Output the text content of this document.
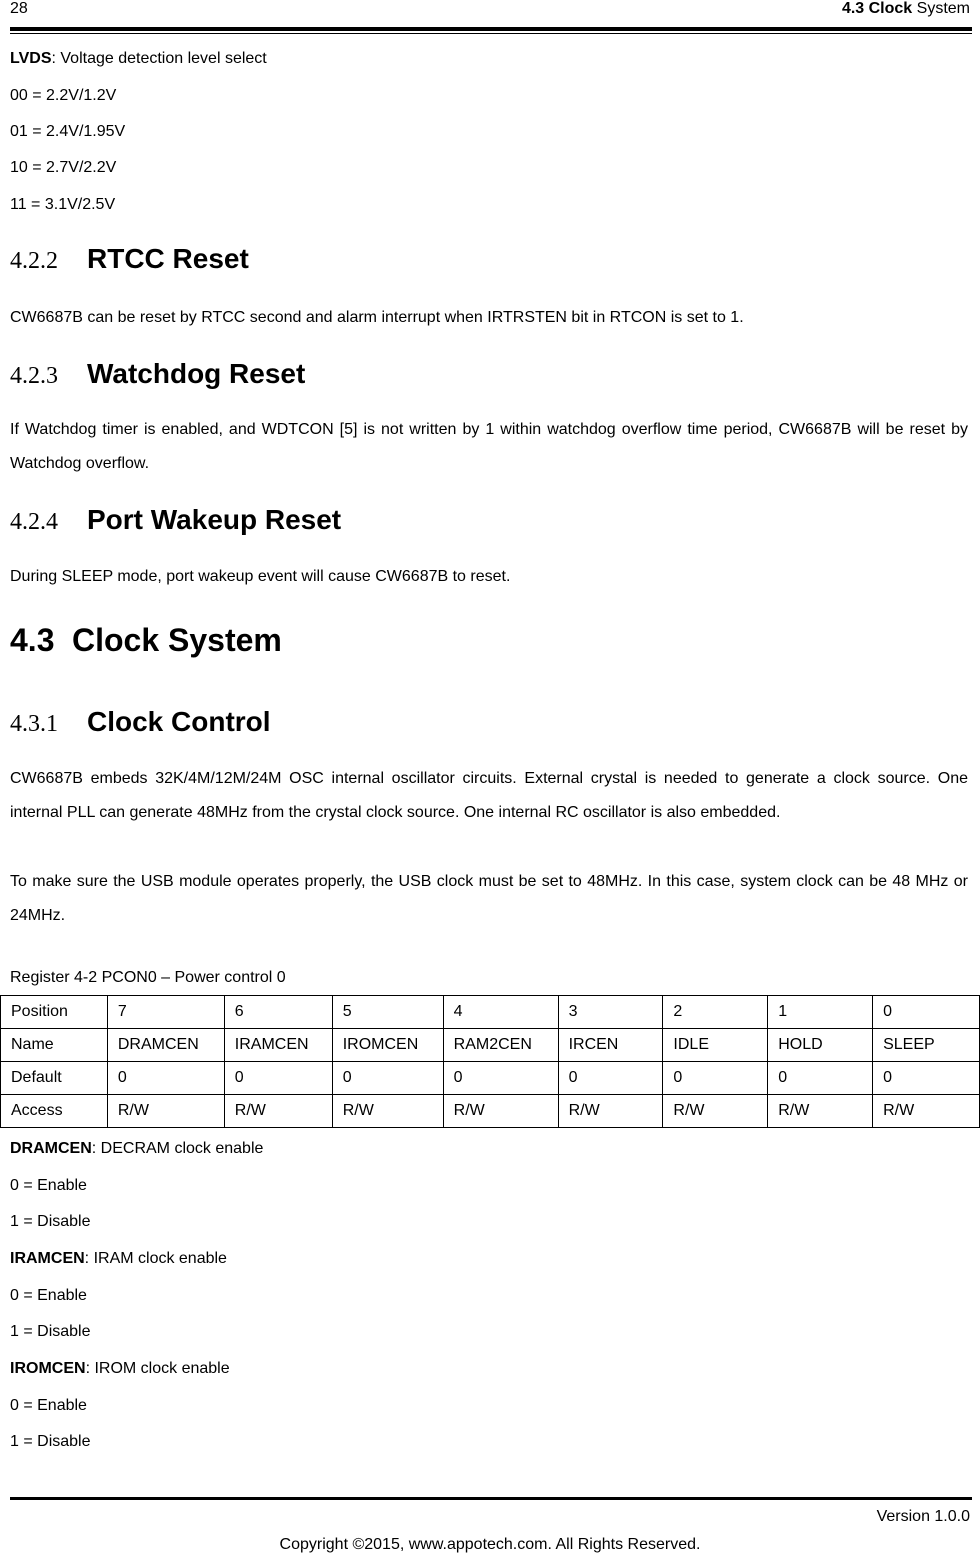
28	4.3 Clock System
LVDS: Voltage detection level select
00 = 2.2V/1.2V
01 = 2.4V/1.95V
10 = 2.7V/2.2V
11 = 3.1V/2.5V
4.2.2 RTCC Reset
CW6687B can be reset by RTCC second and alarm interrupt when IRTRSTEN bit in RTCON is set to 1.
4.2.3 Watchdog Reset
If Watchdog timer is enabled, and WDTCON [5] is not written by 1 within watchdog overflow time period, CW6687B will be reset by Watchdog overflow.
4.2.4 Port Wakeup Reset
During SLEEP mode, port wakeup event will cause CW6687B to reset.
4.3 Clock System
4.3.1 Clock Control
CW6687B embeds 32K/4M/12M/24M OSC internal oscillator circuits. External crystal is needed to generate a clock source. One internal PLL can generate 48MHz from the crystal clock source. One internal RC oscillator is also embedded.
To make sure the USB module operates properly, the USB clock must be set to 48MHz. In this case, system clock can be 48 MHz or 24MHz.
Register 4-2 PCON0 – Power control 0
Position	7	6	5	4	3	2	1	0
Name	DRAMCEN	IRAMCEN	IROMCEN	RAM2CEN	IRCEN	IDLE	HOLD	SLEEP
Default	0	0	0	0	0	0	0	0
Access	R/W	R/W	R/W	R/W	R/W	R/W	R/W	R/W
DRAMCEN: DECRAM clock enable
0 = Enable
1 = Disable
IRAMCEN: IRAM clock enable
0 = Enable
1 = Disable
IROMCEN: IROM clock enable
0 = Enable
1 = Disable
Version 1.0.0
Copyright ©2015, www.appotech.com. All Rights Reserved.
